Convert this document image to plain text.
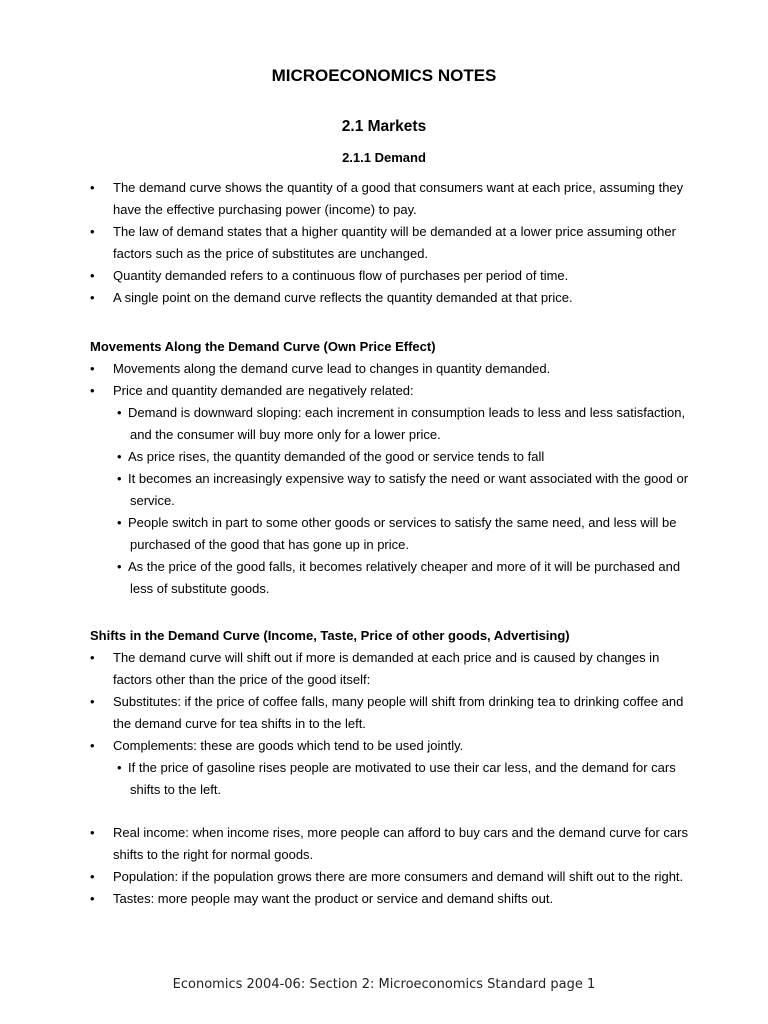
MICROECONOMICS NOTES
2.1 Markets
2.1.1 Demand
•	The demand curve shows the quantity of a good that consumers want at each price, assuming they have the effective purchasing power (income) to pay.
•	The law of demand states that a higher quantity will be demanded at a lower price assuming other factors such as the price of substitutes are unchanged.
•	Quantity demanded refers to a continuous flow of purchases per period of time.
•	A single point on the demand curve reflects the quantity demanded at that price.
Movements Along the Demand Curve (Own Price Effect)
•	Movements along the demand curve lead to changes in quantity demanded.
•	Price and quantity demanded are negatively related:
• Demand is downward sloping: each increment in consumption leads to less and less satisfaction, and the consumer will buy more only for a lower price.
• As price rises, the quantity demanded of the good or service tends to fall
• It becomes an increasingly expensive way to satisfy the need or want associated with the good or service.
• People switch in part to some other goods or services to satisfy the same need, and less will be purchased of the good that has gone up in price.
• As the price of the good falls, it becomes relatively cheaper and more of it will be purchased and less of substitute goods.
Shifts in the Demand Curve (Income, Taste, Price of other goods, Advertising)
•	The demand curve will shift out if more is demanded at each price and is caused by changes in factors other than the price of the good itself:
•	Substitutes: if the price of coffee falls, many people will shift from drinking tea to drinking coffee and the demand curve for tea shifts in to the left.
•	Complements: these are goods which tend to be used jointly.
• If the price of gasoline rises people are motivated to use their car less, and the demand for cars shifts to the left.
•	Real income: when income rises, more people can afford to buy cars and the demand curve for cars shifts to the right for normal goods.
•	Population: if the population grows there are more consumers and demand will shift out to the right.
•	Tastes: more people may want the product or service and demand shifts out.
Economics 2004-06: Section 2: Microeconomics Standard page 1
